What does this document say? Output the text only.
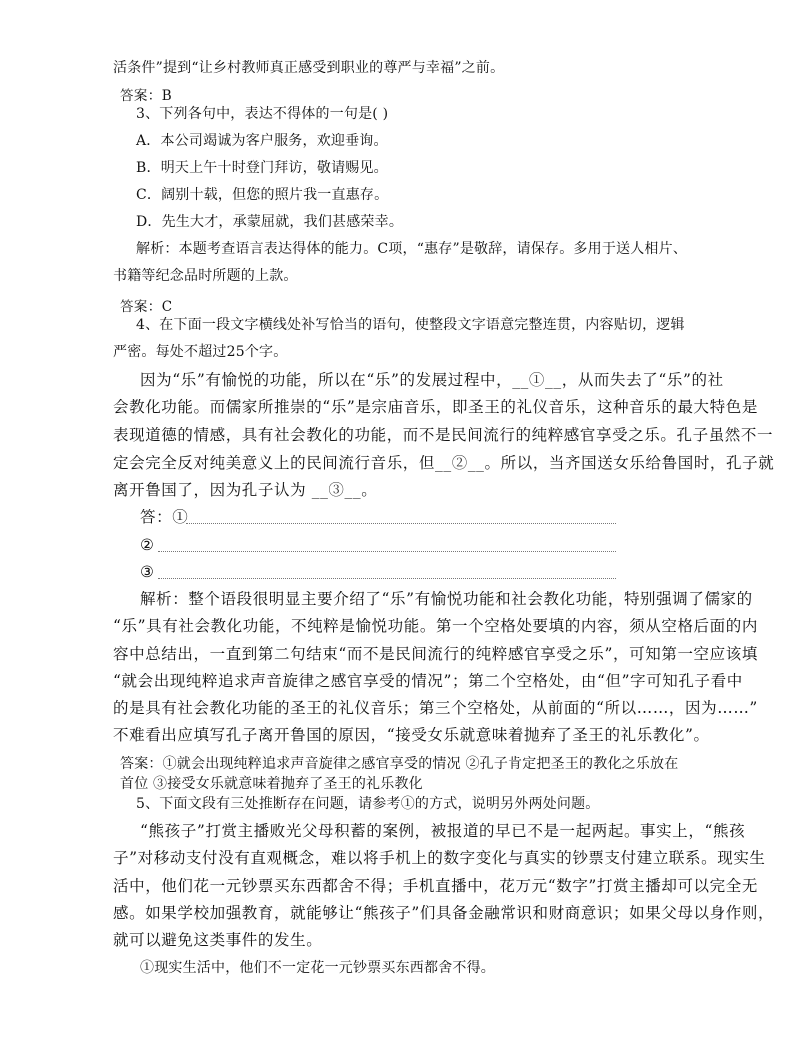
活条件”提到“让乡村教师真正感受到职业的尊严与幸福”之前。
答案：B
3、下列各句中，表达不得体的一句是( )
A．本公司竭诚为客户服务，欢迎垂询。
B．明天上午十时登门拜访，敬请赐见。
C．阔别十载，但您的照片我一直惠存。
D．先生大才，承蒙屈就，我们甚感荣幸。
解析：本题考查语言表达得体的能力。C项，“惠存”是敬辞，请保存。多用于送人相片、
书籍等纪念品时所题的上款。
答案：C
4、在下面一段文字横线处补写恰当的语句，使整段文字语意完整连贯，内容贴切，逻辑
严密。每处不超过25个字。
因为“乐”有愉悦的功能，所以在“乐”的发展过程中，__①__，从而失去了“乐”的社
会教化功能。而儒家所推崇的“乐”是宗庙音乐，即圣王的礼仪音乐，这种音乐的最大特色是
表现道德的情感，具有社会教化的功能，而不是民间流行的纯粹感官享受之乐。孔子虽然不一
定会完全反对纯美意义上的民间流行音乐，但__②__。所以，当齐国送女乐给鲁国时，孔子就
离开鲁国了，因为孔子认为 __③__。
答：①
②
③
解析：整个语段很明显主要介绍了“乐”有愉悦功能和社会教化功能，特别强调了儒家的
“乐”具有社会教化功能，不纯粹是愉悦功能。第一个空格处要填的内容，须从空格后面的内
容中总结出，一直到第二句结束“而不是民间流行的纯粹感官享受之乐”，可知第一空应该填
“就会出现纯粹追求声音旋律之感官享受的情况”；第二个空格处，由“但”字可知孔子看中
的是具有社会教化功能的圣王的礼仪音乐；第三个空格处，从前面的“所以……，因为……”
不难看出应填写孔子离开鲁国的原因，“接受女乐就意味着抛弃了圣王的礼乐教化”。
答案：①就会出现纯粹追求声音旋律之感官享受的情况 ②孔子肯定把圣王的教化之乐放在
首位 ③接受女乐就意味着抛弃了圣王的礼乐教化
5、下面文段有三处推断存在问题，请参考①的方式，说明另外两处问题。
“熊孩子”打赏主播败光父母积蓄的案例，被报道的早已不是一起两起。事实上，“熊孩
子”对移动支付没有直观概念，难以将手机上的数字变化与真实的钞票支付建立联系。现实生
活中，他们花一元钞票买东西都舍不得；手机直播中，花万元“数字”打赏主播却可以完全无
感。如果学校加强教育，就能够让“熊孩子”们具备金融常识和财商意识；如果父母以身作则，
就可以避免这类事件的发生。
①现实生活中，他们不一定花一元钞票买东西都舍不得。
